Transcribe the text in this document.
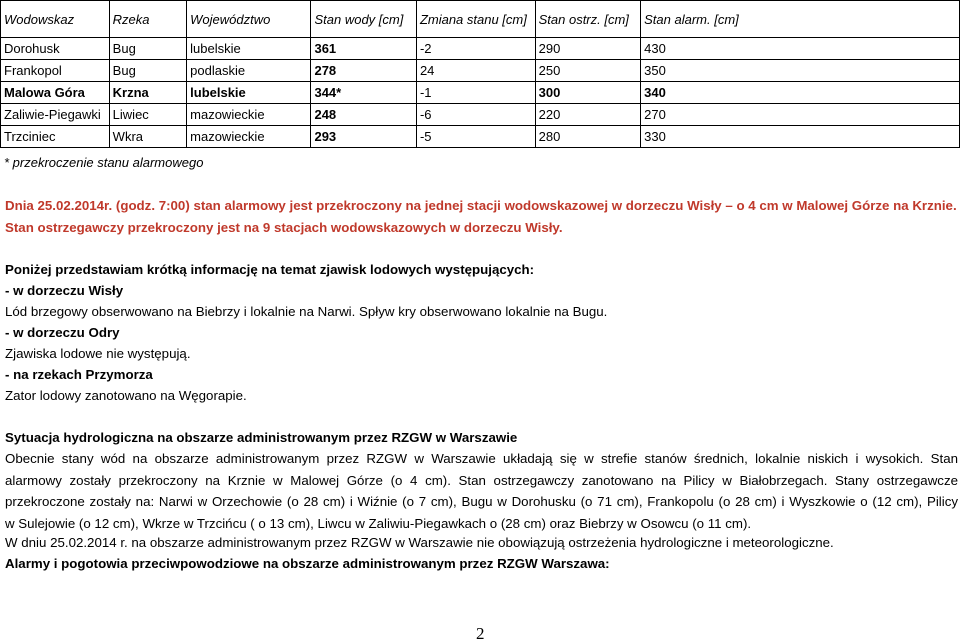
Wodowskaz	Rzeka	Województwo	Stan wody [cm]	Zmiana stanu [cm]	Stan ostrz. [cm]	Stan alarm. [cm]
Dorohusk	Bug	lubelskie	361	-2	290	430
Frankopol	Bug	podlaskie	278	24	250	350
Malowa Góra	Krzna	lubelskie	344*	-1	300	340
Zaliwie-Piegawki	Liwiec	mazowieckie	248	-6	220	270
Trzciniec	Wkra	mazowieckie	293	-5	280	330
* przekroczenie stanu alarmowego
Dnia 25.02.2014r. (godz. 7:00) stan alarmowy jest przekroczony na jednej stacji wodowskazowej w dorzeczu Wisły – o 4 cm w Malowej Górze na Krznie.
Stan ostrzegawczy przekroczony jest na 9 stacjach wodowskazowych w dorzeczu Wisły.
Poniżej przedstawiam krótką informację na temat zjawisk lodowych występujących:
- w dorzeczu Wisły
Lód brzegowy obserwowano na Biebrzy i lokalnie na Narwi. Spływ kry obserwowano lokalnie na Bugu.
- w dorzeczu Odry
Zjawiska lodowe nie występują.
- na rzekach Przymorza
Zator lodowy zanotowano na Węgorapie.
Sytuacja hydrologiczna na obszarze administrowanym przez RZGW w Warszawie
Obecnie stany wód na obszarze administrowanym przez RZGW w Warszawie układają się w strefie stanów średnich, lokalnie niskich i wysokich. Stan
alarmowy zostały przekroczony na Krznie w Malowej Górze (o 4 cm). Stan ostrzegawczy zanotowano na Pilicy w Białobrzegach. Stany ostrzegawcze
przekroczone zostały na: Narwi w Orzechowie (o 28 cm) i Wiźnie (o 7 cm), Bugu w Dorohusku (o 71 cm), Frankopolu (o 28 cm) i Wyszkowie o (12 cm), Pilicy
w Sulejowie (o 12 cm), Wkrze w Trzcińcu ( o 13 cm), Liwcu w Zaliwiu-Piegawkach o (28 cm) oraz Biebrzy w Osowcu (o 11 cm).
W dniu 25.02.2014 r. na obszarze administrowanym przez RZGW w Warszawie nie obowiązują ostrzeżenia hydrologiczne i meteorologiczne.
Alarmy i pogotowia przeciwpowodziowe na obszarze administrowanym przez RZGW Warszawa:
2
